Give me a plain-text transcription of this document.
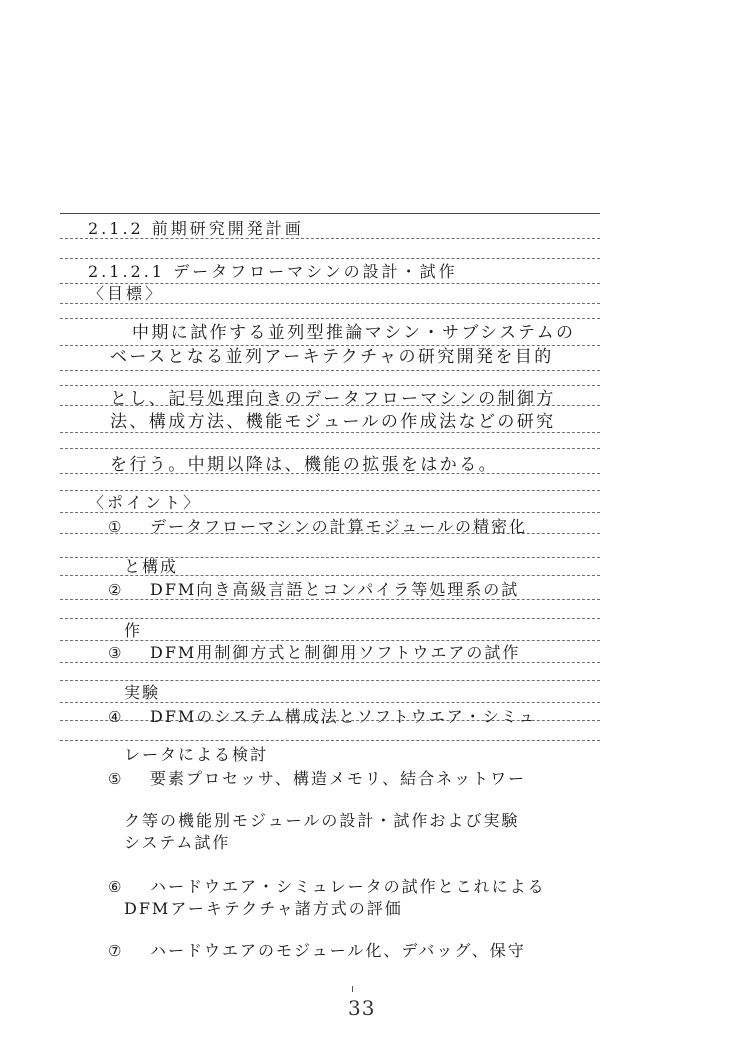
2.1.2 前期研究開発計画
2.1.2.1 データフローマシンの設計・試作
〈目標〉
中期に試作する並列型推論マシン・サブシステムの
ベースとなる並列アーキテクチャの研究開発を目的
とし、記号処理向きのデータフローマシンの制御方
法、構成方法、機能モジュールの作成法などの研究
を行う。中期以降は、機能の拡張をはかる。
〈ポイント〉
① データフローマシンの計算モジュールの精密化
と構成
② DFM向き高級言語とコンパイラ等処理系の試
作
③ DFM用制御方式と制御用ソフトウエアの試作
実験
④ DFMのシステム構成法とソフトウエア・シミュ
レータによる検討
⑤ 要素プロセッサ、構造メモリ、結合ネットワー
ク等の機能別モジュールの設計・試作および実験
システム試作
⑥ ハードウエア・シミュレータの試作とこれによる
DFMアーキテクチャ諸方式の評価
⑦ ハードウエアのモジュール化、デバッグ、保守
33
